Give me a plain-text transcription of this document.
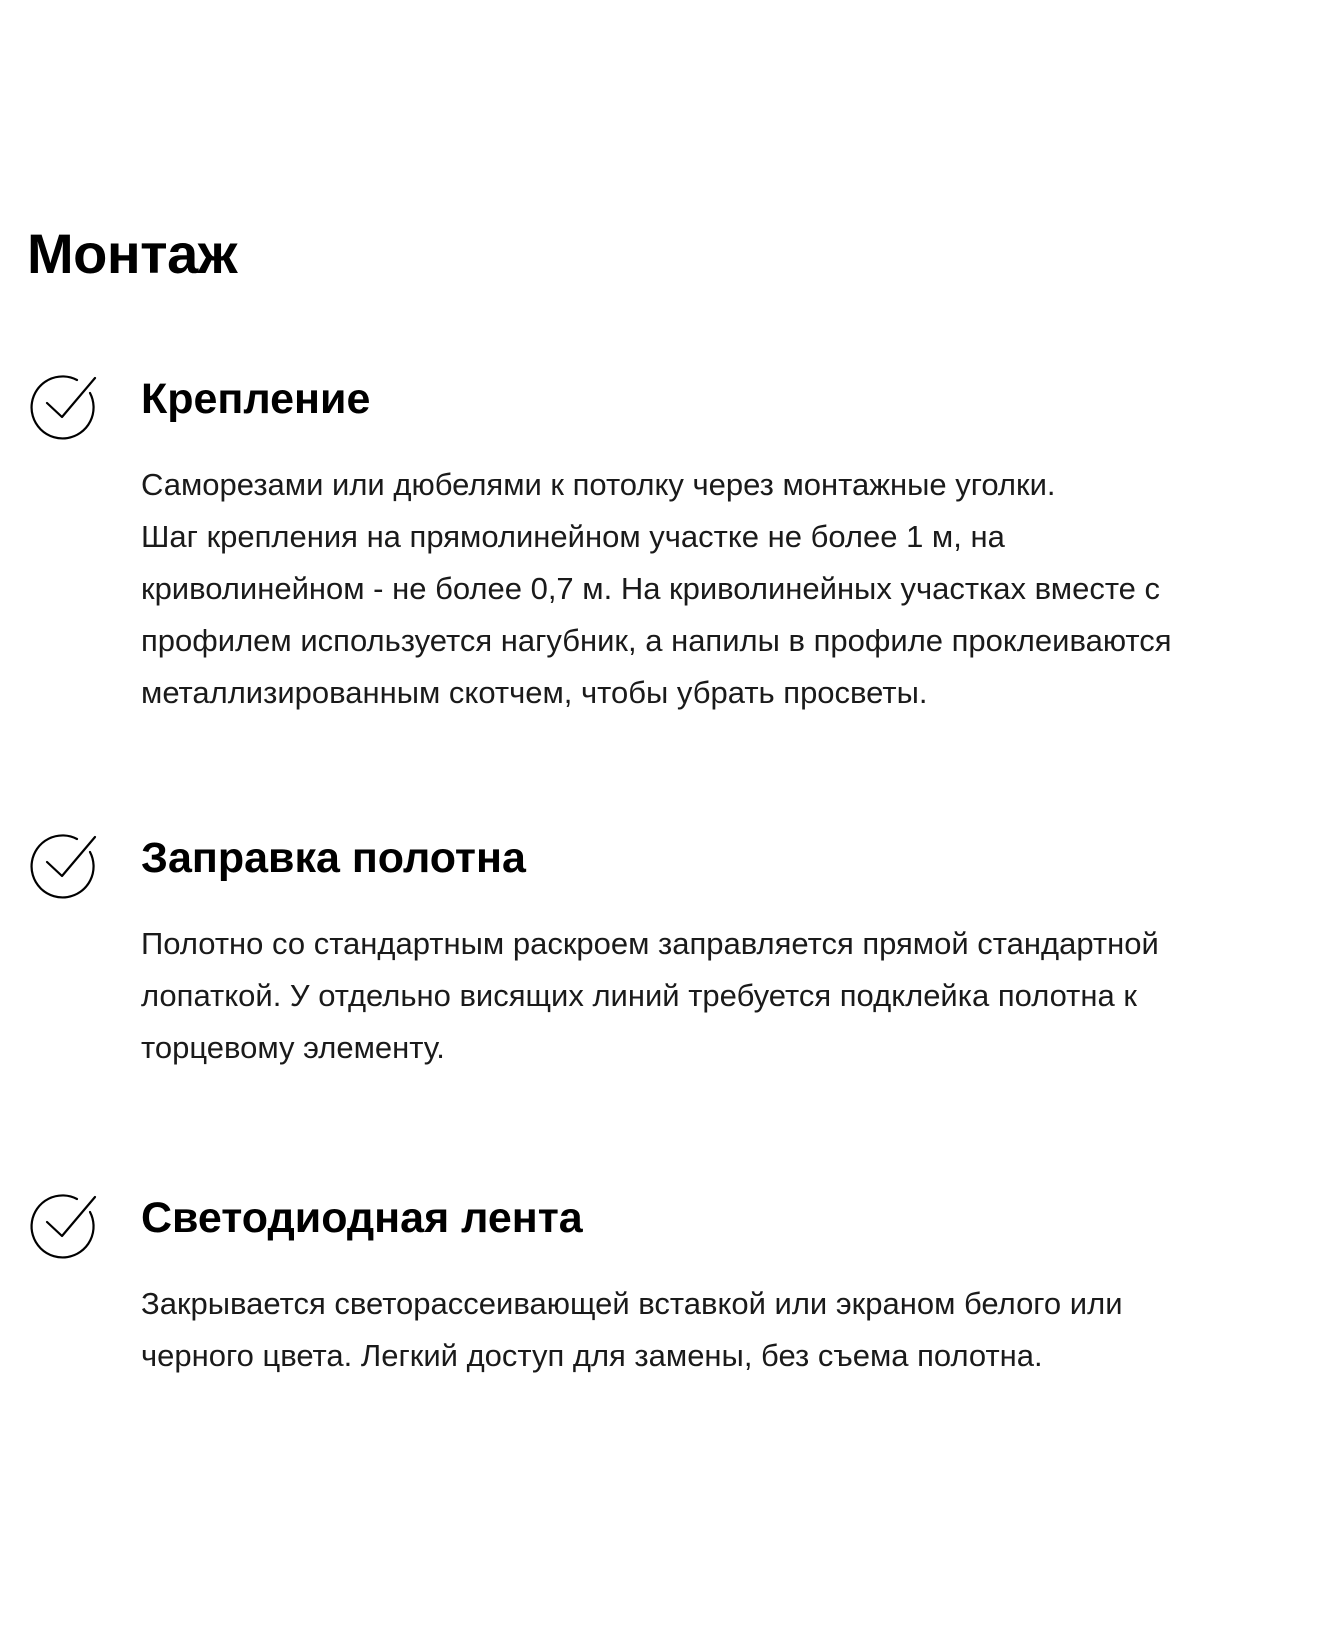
Монтаж
Крепление

Саморезами или дюбелями к потолку через монтажные уголки.
Шаг крепления на прямолинейном участке не более 1 м, на
криволинейном - не более 0,7 м. На криволинейных участках вместе с
профилем используется нагубник, а напилы в профиле проклеиваются
металлизированным скотчем, чтобы убрать просветы.

Заправка полотна

Полотно со стандартным раскроем заправляется прямой стандартной
лопаткой. У отдельно висящих линий требуется подклейка полотна к
торцевому элементу.

Светодиодная лента

Закрывается светорассеивающей вставкой или экраном белого или
черного цвета. Легкий доступ для замены, без съема полотна.
